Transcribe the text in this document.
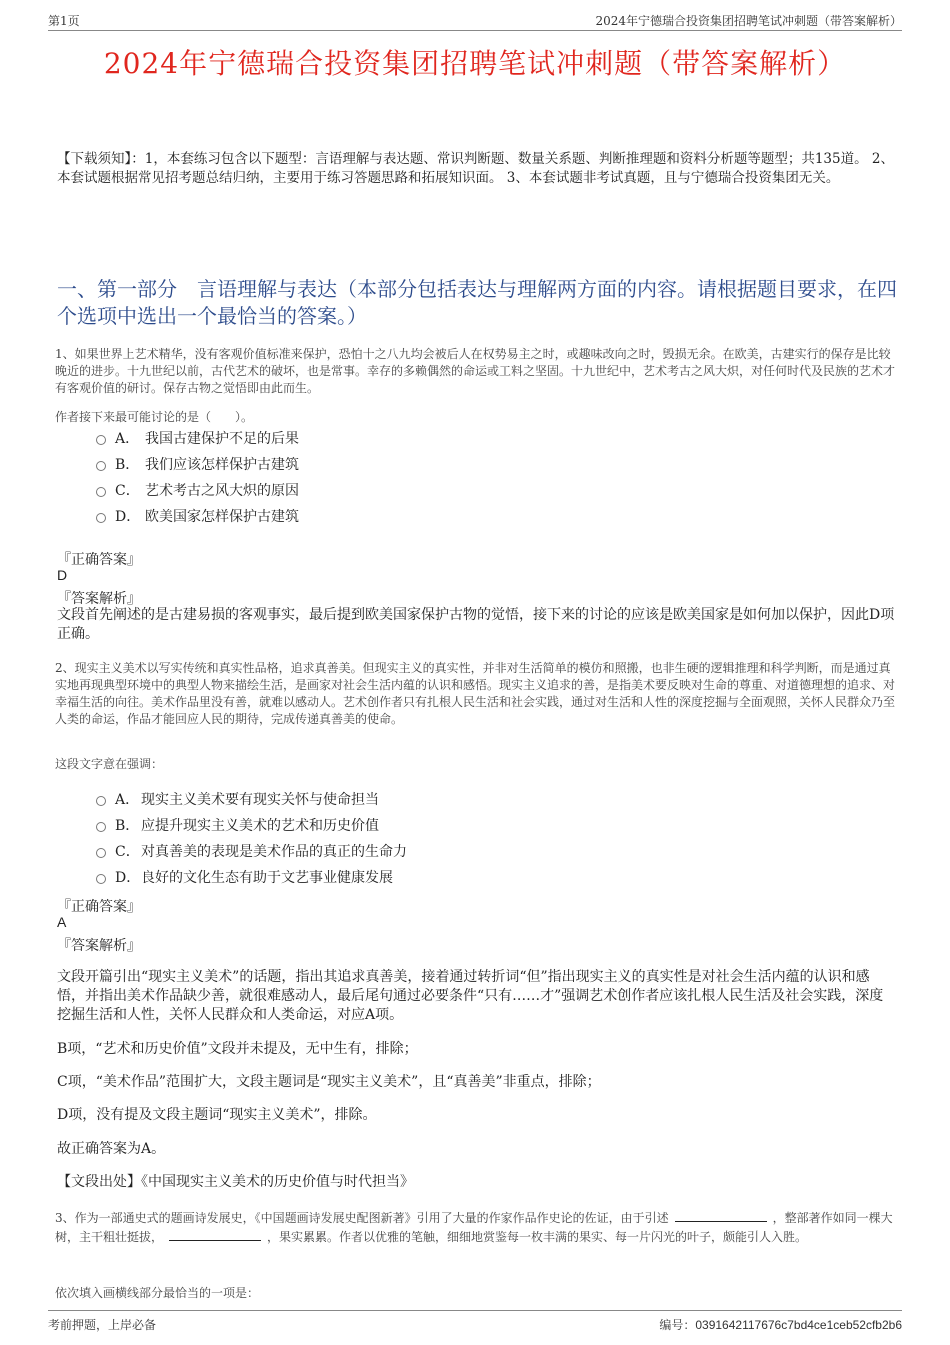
第1页	2024年宁德瑞合投资集团招聘笔试冲刺题（带答案解析）
2024年宁德瑞合投资集团招聘笔试冲刺题（带答案解析）
【下载须知】：1，本套练习包含以下题型：言语理解与表达题、常识判断题、数量关系题、判断推理题和资料分析题等题型；共135道。 2、本套试题根据常见招考题总结归纳，主要用于练习答题思路和拓展知识面。 3、本套试题非考试真题，且与宁德瑞合投资集团无关。
一、第一部分　言语理解与表达（本部分包括表达与理解两方面的内容。请根据题目要求，在四个选项中选出一个最恰当的答案。）
1、如果世界上艺术精华，没有客观价值标准来保护，恐怕十之八九均会被后人在权势易主之时，或趣味改向之时，毁损无余。在欧美，古建实行的保存是比较晚近的进步。十九世纪以前，古代艺术的破坏，也是常事。幸存的多赖偶然的命运或工料之坚固。十九世纪中，艺术考古之风大炽，对任何时代及民族的艺术才有客观价值的研讨。保存古物之觉悟即由此而生。
作者接下来最可能讨论的是（　　）。
A． 我国古建保护不足的后果
B． 我们应该怎样保护古建筑
C． 艺术考古之风大炽的原因
D． 欧美国家怎样保护古建筑
『正确答案』
D
『答案解析』
文段首先阐述的是古建易损的客观事实，最后提到欧美国家保护古物的觉悟，接下来的讨论的应该是欧美国家是如何加以保护，因此D项正确。
2、现实主义美术以写实传统和真实性品格，追求真善美。但现实主义的真实性，并非对生活简单的模仿和照搬，也非生硬的逻辑推理和科学判断，而是通过真实地再现典型环境中的典型人物来描绘生活，是画家对社会生活内蕴的认识和感悟。现实主义追求的善，是指美术要反映对生命的尊重、对道德理想的追求、对幸福生活的向往。美术作品里没有善，就难以感动人。艺术创作者只有扎根人民生活和社会实践，通过对生活和人性的深度挖掘与全面观照，关怀人民群众乃至人类的命运，作品才能回应人民的期待，完成传递真善美的使命。
这段文字意在强调：
A． 现实主义美术要有现实关怀与使命担当
B． 应提升现实主义美术的艺术和历史价值
C． 对真善美的表现是美术作品的真正的生命力
D． 良好的文化生态有助于文艺事业健康发展
『正确答案』
A
『答案解析』
文段开篇引出“现实主义美术”的话题，指出其追求真善美，接着通过转折词“但”指出现实主义的真实性是对社会生活内蕴的认识和感悟，并指出美术作品缺少善，就很难感动人，最后尾句通过必要条件“只有……才”强调艺术创作者应该扎根人民生活及社会实践，深度挖掘生活和人性，关怀人民群众和人类命运，对应A项。
B项，“艺术和历史价值”文段并未提及，无中生有，排除；
C项，“美术作品”范围扩大，文段主题词是“现实主义美术”，且“真善美”非重点，排除；
D项，没有提及文段主题词“现实主义美术”，排除。
故正确答案为A。
【文段出处】《中国现实主义美术的历史价值与时代担当》
3、作为一部通史式的题画诗发展史，《中国题画诗发展史配图新著》引用了大量的作家作品作史论的佐证，由于引述	，整部著作如同一棵大树，主干粗壮挺拔，	，果实累累。作者以优雅的笔触，细细地赏鉴每一枚丰满的果实、每一片闪光的叶子，颇能引人入胜。
依次填入画横线部分最恰当的一项是：
考前押题，上岸必备	编号：0391642117676c7bd4ce1ceb52cfb2b6
